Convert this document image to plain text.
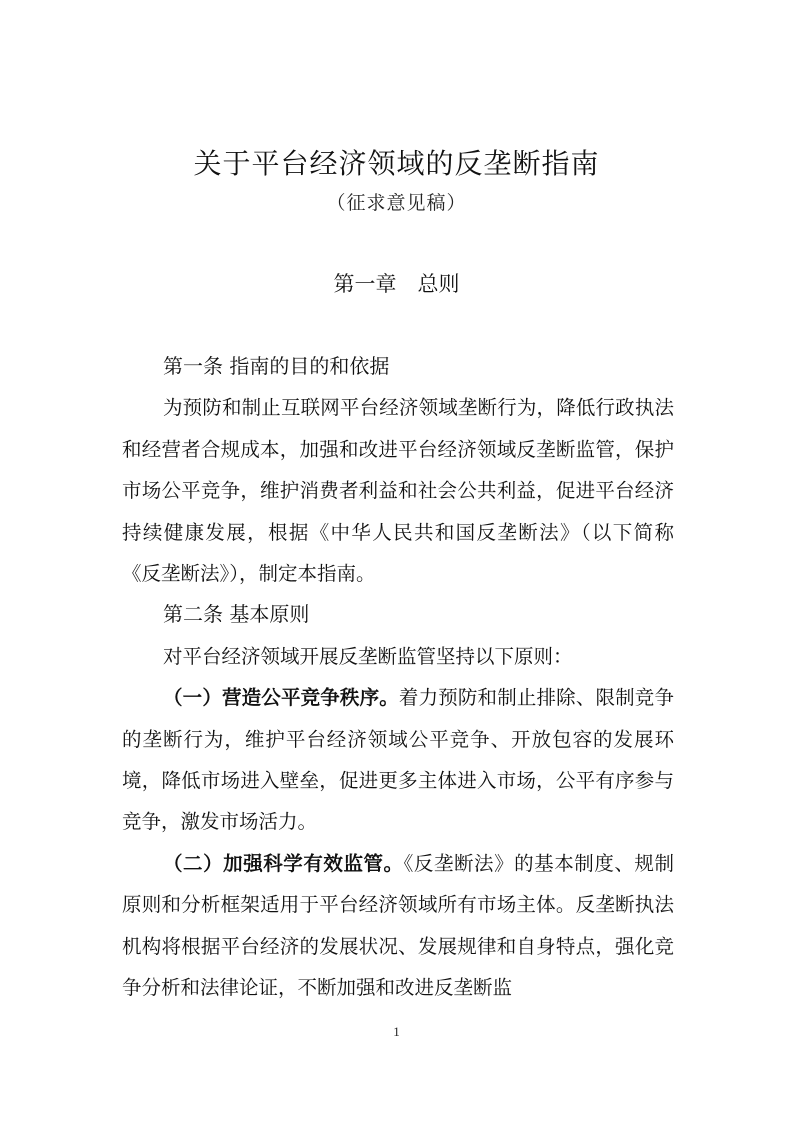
关于平台经济领域的反垄断指南
（征求意见稿）
第一章　总则

第一条 指南的目的和依据

为预防和制止互联网平台经济领域垄断行为，降低行政执法和经营者合规成本，加强和改进平台经济领域反垄断监管，保护市场公平竞争，维护消费者利益和社会公共利益，促进平台经济持续健康发展，根据《中华人民共和国反垄断法》（以下简称《反垄断法》），制定本指南。

第二条 基本原则

对平台经济领域开展反垄断监管坚持以下原则：

（一）营造公平竞争秩序。着力预防和制止排除、限制竞争的垄断行为，维护平台经济领域公平竞争、开放包容的发展环境，降低市场进入壁垒，促进更多主体进入市场，公平有序参与竞争，激发市场活力。

（二）加强科学有效监管。《反垄断法》的基本制度、规制原则和分析框架适用于平台经济领域所有市场主体。反垄断执法机构将根据平台经济的发展状况、发展规律和自身特点，强化竞争分析和法律论证，不断加强和改进反垄断监

1
